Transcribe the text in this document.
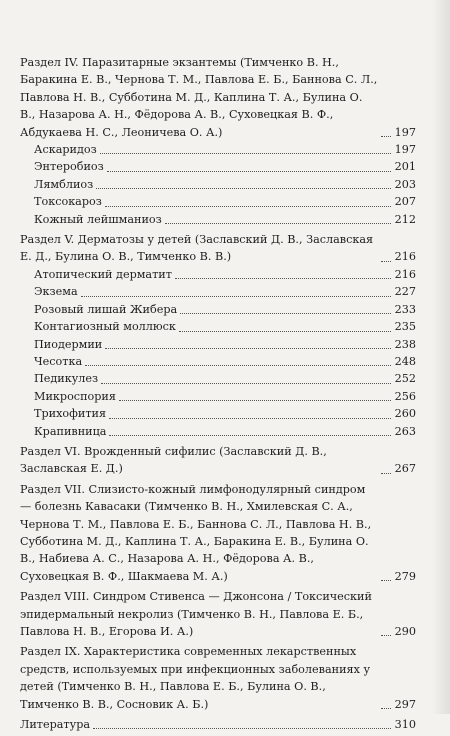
Раздел IV. Паразитарные экзантемы (Тимченко В. Н., Баракина Е. В., Чернова Т. М., Павлова Е. Б., Баннова С. Л., Павлова Н. В., Субботина М. Д., Каплина Т. А., Булина О. В., Назарова А. Н., Фёдорова А. В., Суховецкая В. Ф., Абдукаева Н. С., Леоничева О. А.)	197
Аскаридоз	197
Энтеробиоз	201
Лямблиоз	203
Токсокароз	207
Кожный лейшманиоз	212
Раздел V. Дерматозы у детей (Заславский Д. В., Заславская Е. Д., Булина О. В., Тимченко В. В.)	216
Атопический дерматит	216
Экзема	227
Розовый лишай Жибера	233
Контагиозный моллюск	235
Пиодермии	238
Чесотка	248
Педикулез	252
Микроспория	256
Трихофития	260
Крапивница	263
Раздел VI. Врожденный сифилис (Заславский Д. В., Заславская Е. Д.)	267
Раздел VII. Слизисто-кожный лимфонодулярный синдром — болезнь Кавасаки (Тимченко В. Н., Хмилевская С. А., Чернова Т. М., Павлова Е. Б., Баннова С. Л., Павлова Н. В., Субботина М. Д., Каплина Т. А., Баракина Е. В., Булина О. В., Набиева А. С., Назарова А. Н., Фёдорова А. В., Суховецкая В. Ф., Шакмаева М. А.)	279
Раздел VIII. Синдром Стивенса — Джонсона / Токсический эпидермальный некролиз (Тимченко В. Н., Павлова Е. Б., Павлова Н. В., Егорова И. А.)	290
Раздел IX. Характеристика современных лекарственных средств, используемых при инфекционных заболеваниях у детей (Тимченко В. Н., Павлова Е. Б., Булина О. В., Тимченко В. В., Сосновик А. Б.)	297
Литература	310
